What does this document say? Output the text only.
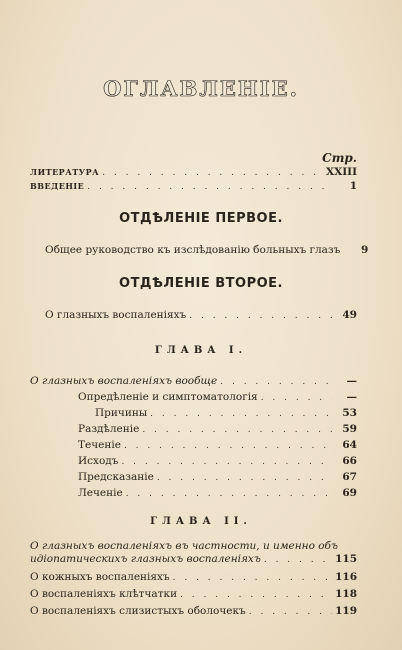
ОГЛАВЛЕНІЕ.
Стр.
ЛИТЕРАТУРА . . .	XXIII
ВВЕДЕНІЕ . . .	1
ОТДѢЛЕНІЕ ПЕРВОЕ.
Общее руководство къ изслѣдованію больныхъ глазъ	9
ОТДѢЛЕНІЕ ВТОРОЕ.
О глазныхъ воспаленіяхъ . . .	49
ГЛАВА I.
О глазныхъ воспаленіяхъ вообще . . .	—
Опредѣленіе и симптоматологія . . .	—
Причины . . .	53
Раздѣленіе . . .	59
Теченіе . . .	64
Исходъ . . .	66
Предсказаніе . . .	67
Леченіе . . .	69
ГЛАВА II.
О глазныхъ воспаленіяхъ въ частности, и именно объ
идіопатическихъ глазныхъ воспаленіяхъ . . .	115
О кожныхъ воспаленіяхъ . . .	116
О воспаленіяхъ клѣтчатки . . .	118
О воспаленіяхъ слизистыхъ оболочекъ . . .	119
